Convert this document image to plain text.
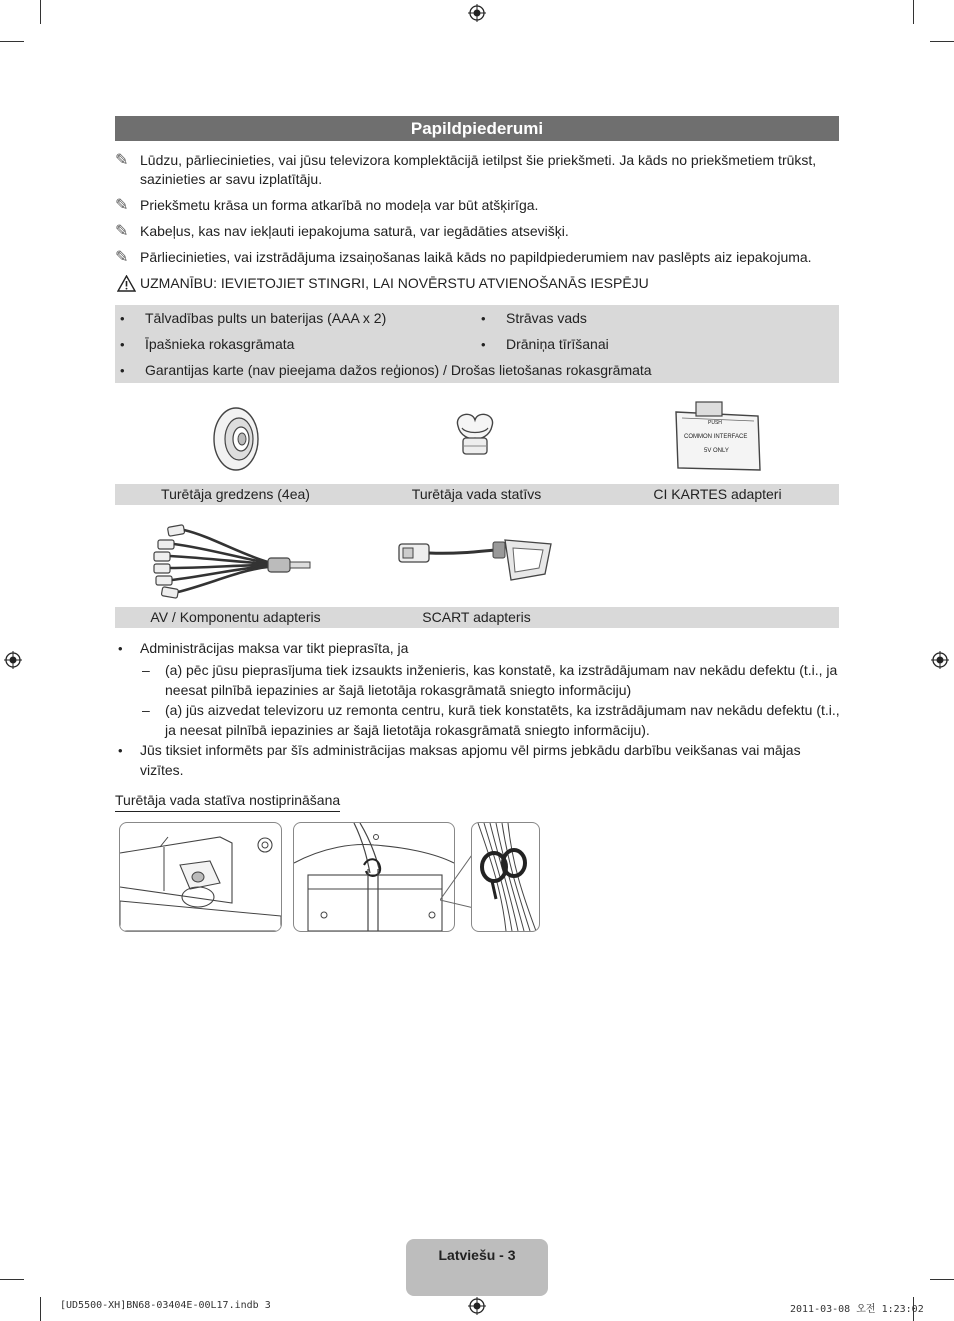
Papildpiederumi
✎ Lūdzu, pārliecinieties, vai jūsu televizora komplektācijā ietilpst šie priekšmeti. Ja kāds no priekšmetiem trūkst, sazinieties ar savu izplatītāju.
✎ Priekšmetu krāsa un forma atkarībā no modeļa var būt atšķirīga.
✎ Kabeļus, kas nav iekļauti iepakojuma saturā, var iegādāties atsevišķi.
✎ Pārliecinieties, vai izstrādājuma izsaiņošanas laikā kāds no papildpiederumiem nav paslēpts aiz iepakojuma.
UZMANĪBU: IEVIETOJIET STINGRI, LAI NOVĒRSTU ATVIENOŠANĀS IESPĒJU
• Tālvadības pults un baterijas (AAA x 2)	• Strāvas vads
• Īpašnieka rokasgrāmata	• Drāniņa tīrīšanai
• Garantijas karte (nav pieejama dažos reģionos) / Drošas lietošanas rokasgrāmata
PUSH
COMMON INTERFACE
5V ONLY
Turētāja gredzens (4ea)	Turētāja vada statīvs	CI KARTES adapteri
AV / Komponentu adapteris	SCART adapteris
• Administrācijas maksa var tikt pieprasīta, ja
– (a) pēc jūsu pieprasījuma tiek izsaukts inženieris, kas konstatē, ka izstrādājumam nav nekādu defektu (t.i., ja neesat pilnībā iepazinies ar šajā lietotāja rokasgrāmatā sniegto informāciju)
– (a) jūs aizvedat televizoru uz remonta centru, kurā tiek konstatēts, ka izstrādājumam nav nekādu defektu (t.i., ja neesat pilnībā iepazinies ar šajā lietotāja rokasgrāmatā sniegto informāciju).
• Jūs tiksiet informēts par šīs administrācijas maksas apjomu vēl pirms jebkādu darbību veikšanas vai mājas vizītes.
Turētāja vada statīva nostiprināšana
Latviešu - 3
[UD5500-XH]BN68-03404E-00L17.indb 3	2011-03-08 오전 1:23:02
